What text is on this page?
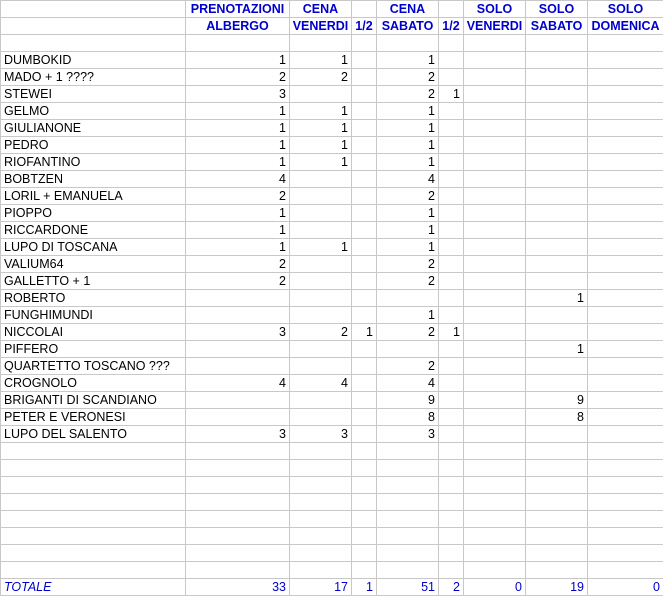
	PRENOTAZIONI	CENA		CENA		SOLO	SOLO	SOLO
	ALBERGO	VENERDI	1/2	SABATO	1/2	VENERDI	SABATO	DOMENICA

DUMBOKID	1	1		1				
MADO + 1 ????	2	2		2				
STEWEI	3			2	1			
GELMO	1	1		1				
GIULIANONE	1	1		1				
PEDRO	1	1		1				
RIOFANTINO	1	1		1				
BOBTZEN	4			4				
LORIL + EMANUELA	2			2				
PIOPPO	1			1				
RICCARDONE	1			1				
LUPO DI TOSCANA	1	1		1				
VALIUM64	2			2				
GALLETTO + 1	2			2				
ROBERTO							1	
FUNGHIMUNDI				1				
NICCOLAI	3	2	1	2	1			
PIFFERO							1	
QUARTETTO TOSCANO ???				2				
CROGNOLO	4	4		4				
BRIGANTI DI SCANDIANO				9			9	
PETER E VERONESI				8			8	
LUPO DEL SALENTO	3	3		3				

TOTALE	33	17	1	51	2	0	19	0
